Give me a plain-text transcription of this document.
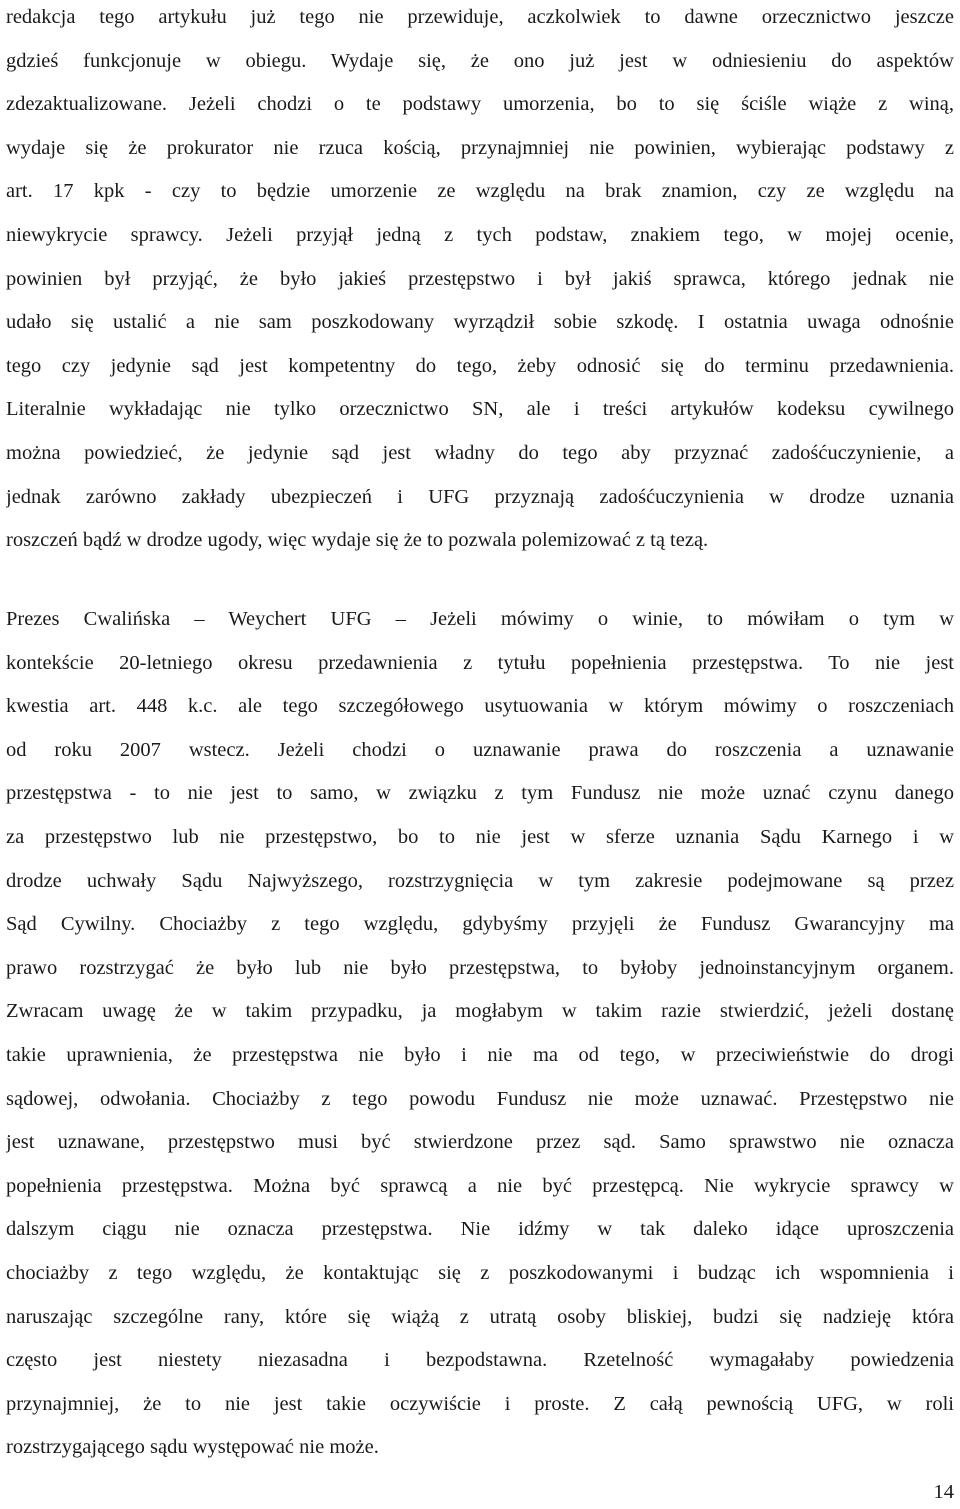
redakcja tego artykułu już tego nie przewiduje, aczkolwiek to dawne orzecznictwo jeszcze
gdzieś funkcjonuje w obiegu. Wydaje się, że ono już jest w odniesieniu do aspektów
zdezaktualizowane. Jeżeli chodzi o te podstawy umorzenia, bo to się ściśle wiąże z winą,
wydaje się że prokurator nie rzuca kością, przynajmniej nie powinien, wybierając podstawy z
art. 17 kpk - czy to będzie umorzenie ze względu na brak znamion, czy ze względu na
niewykrycie sprawcy. Jeżeli przyjął jedną z tych podstaw, znakiem tego, w mojej ocenie,
powinien był przyjąć, że było jakieś przestępstwo i był jakiś sprawca, którego jednak nie
udało się ustalić a nie sam poszkodowany wyrządził sobie szkodę. I ostatnia uwaga odnośnie
tego czy jedynie sąd jest kompetentny do tego, żeby odnosić się do terminu przedawnienia.
Literalnie wykładając nie tylko orzecznictwo SN, ale i treści artykułów kodeksu cywilnego
można powiedzieć, że jedynie sąd jest władny do tego aby przyznać zadośćuczynienie, a
jednak zarówno zakłady ubezpieczeń i UFG przyznają zadośćuczynienia w drodze uznania
roszczeń bądź w drodze ugody, więc wydaje się że to pozwala polemizować z tą tezą.
Prezes Cwalińska – Weychert UFG – Jeżeli mówimy o winie, to mówiłam o tym w
kontekście 20-letniego okresu przedawnienia z tytułu popełnienia przestępstwa. To nie jest
kwestia art. 448 k.c. ale tego szczegółowego usytuowania w którym mówimy o roszczeniach
od roku 2007 wstecz. Jeżeli chodzi o uznawanie prawa do roszczenia a uznawanie
przestępstwa - to nie jest to samo, w związku z tym Fundusz nie może uznać czynu danego
za przestępstwo lub nie przestępstwo, bo to nie jest w sferze uznania Sądu Karnego i w
drodze uchwały Sądu Najwyższego, rozstrzygnięcia w tym zakresie podejmowane są przez
Sąd Cywilny. Chociażby z tego względu, gdybyśmy przyjęli że Fundusz Gwarancyjny ma
prawo rozstrzygać że było lub nie było przestępstwa, to byłoby jednoinstancyjnym organem.
Zwracam uwagę że w takim przypadku, ja mogłabym w takim razie stwierdzić, jeżeli dostanę
takie uprawnienia, że przestępstwa nie było i nie ma od tego, w przeciwieństwie do drogi
sądowej, odwołania. Chociażby z tego powodu Fundusz nie może uznawać. Przestępstwo nie
jest uznawane, przestępstwo musi być stwierdzone przez sąd. Samo sprawstwo nie oznacza
popełnienia przestępstwa. Można być sprawcą a nie być przestępcą. Nie wykrycie sprawcy w
dalszym ciągu nie oznacza przestępstwa. Nie idźmy w tak daleko idące uproszczenia
chociażby z tego względu, że kontaktując się z poszkodowanymi i budząc ich wspomnienia i
naruszając szczególne rany, które się wiążą z utratą osoby bliskiej, budzi się nadzieję która
często jest niestety niezasadna i bezpodstawna. Rzetelność wymagałaby powiedzenia
przynajmniej, że to nie jest takie oczywiście i proste. Z całą pewnością UFG, w roli
rozstrzygającego sądu występować nie może.
14
